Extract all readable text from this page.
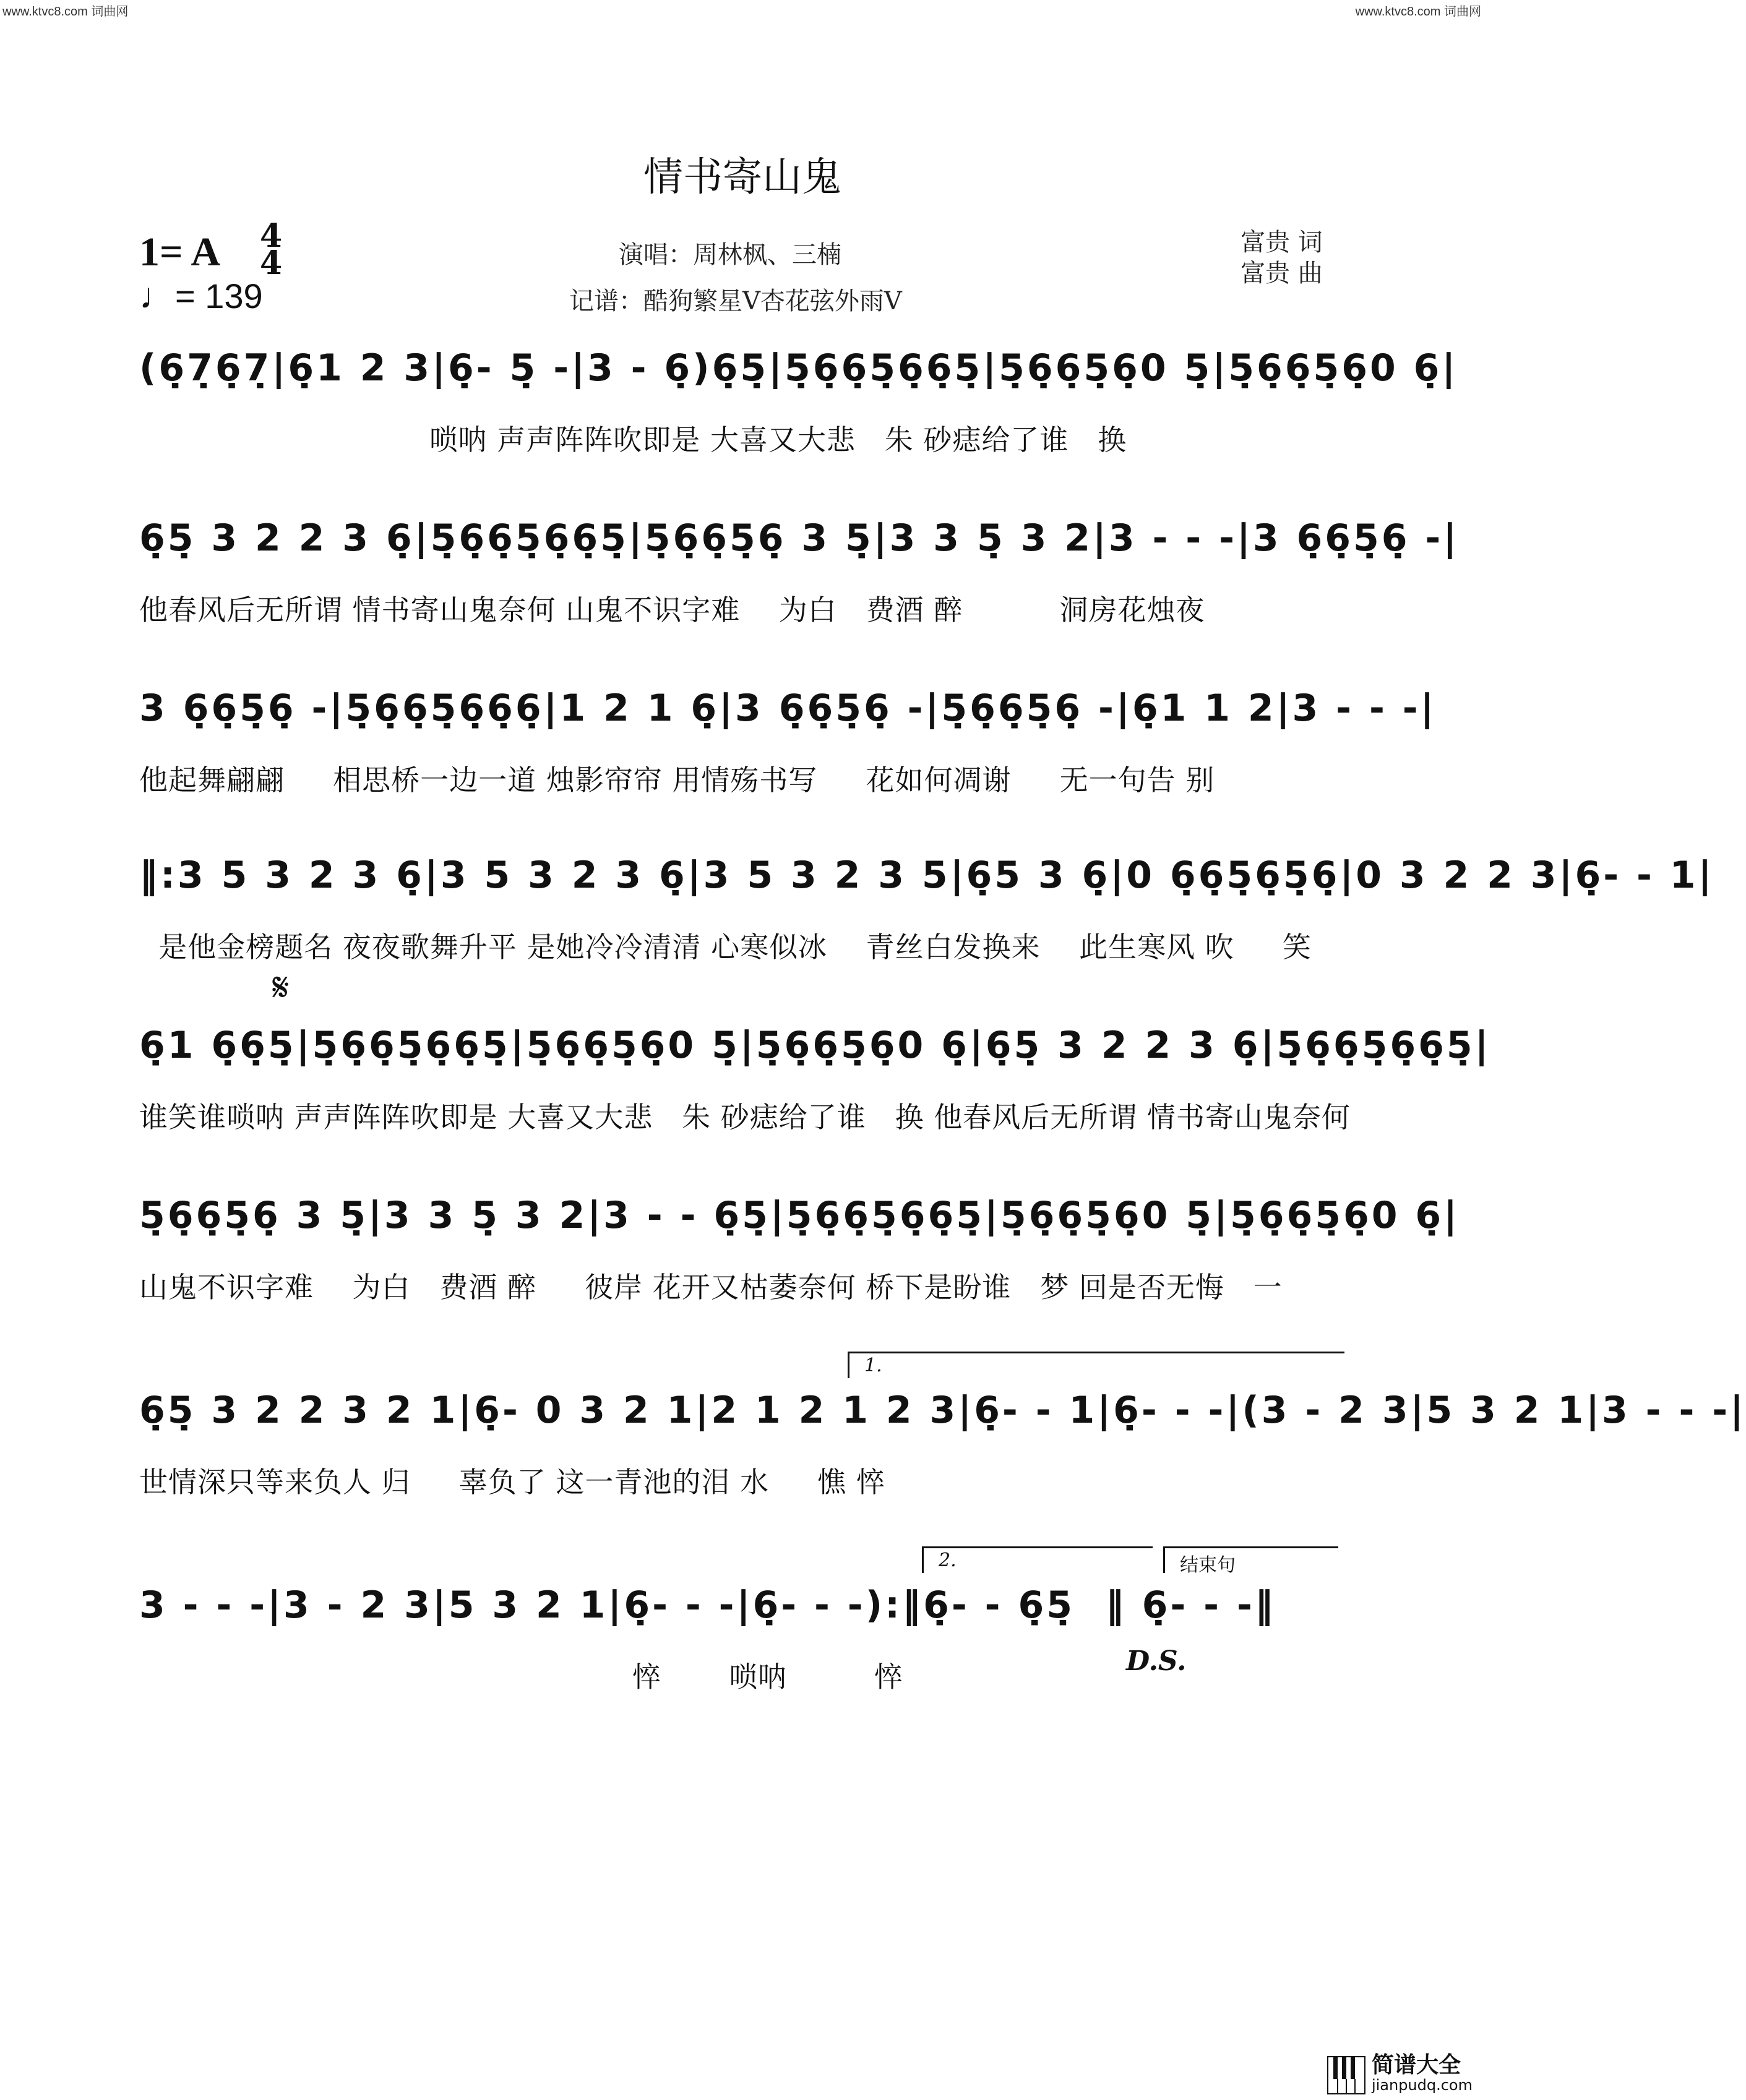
www.ktvc8.com 词曲网	www.ktvc8.com 词曲网
情书寄山鬼
1= A 4
4
♩= 139
演唱：周林枫、三楠
记谱：酷狗繁星V杏花弦外雨V
富贵 词
富贵 曲
(6̣7̣6̣7̣|6̣1 2 3|6̣- 5̣ -|3 - 6̣)6̣5̣|5̣6̣6̣5̣6̣6̣5̣|5̣6̣6̣5̣6̣0 5̣|5̣6̣6̣5̣6̣0 6̣|
唢呐 声声阵阵吹即是 大喜又大悲   朱 砂痣给了谁   换
6̣5̣ 3 2 2 3 6̣|5̣6̣6̣5̣6̣6̣5̣|5̣6̣6̣5̣6̣ 3 5̣|3 3 5̣ 3 2|3 - - -|3 6̣6̣5̣6̣ -|
他春风后无所谓 情书寄山鬼奈何 山鬼不识字难    为白   费酒 醉          洞房花烛夜
3 6̣6̣5̣6̣ -|5̣6̣6̣5̣6̣6̣6̣|1 2 1 6̣|3 6̣6̣5̣6̣ -|5̣6̣6̣5̣6̣ -|6̣1 1 2|3 - - -|
他起舞翩翩     相思桥一边一道 烛影帘帘 用情殇书写     花如何凋谢     无一句告 别
‖:3 5 3 2 3 6̣|3 5 3 2 3 6̣|3 5 3 2 3 5|6̣5 3 6̣|0 6̣6̣5̣6̣5̣6̣|0 3 2 2 3|6̣- - 1|
是他金榜题名 夜夜歌舞升平 是她冷冷清清 心寒似冰    青丝白发换来    此生寒风 吹     笑
𝄋
6̣1 6̣6̣5̣|5̣6̣6̣5̣6̣6̣5̣|5̣6̣6̣5̣6̣0 5̣|5̣6̣6̣5̣6̣0 6̣|6̣5̣ 3 2 2 3 6̣|5̣6̣6̣5̣6̣6̣5̣|
谁笑谁唢呐 声声阵阵吹即是 大喜又大悲   朱 砂痣给了谁   换 他春风后无所谓 情书寄山鬼奈何
5̣6̣6̣5̣6̣ 3 5̣|3 3 5̣ 3 2|3 - - 6̣5̣|5̣6̣6̣5̣6̣6̣5̣|5̣6̣6̣5̣6̣0 5̣|5̣6̣6̣5̣6̣0 6̣|
山鬼不识字难    为白   费酒 醉     彼岸 花开又枯萎奈何 桥下是盼谁   梦 回是否无悔   一
1.
6̣5̣ 3 2 2 3 2 1|6̣- 0 3 2 1|2 1 2 1 2 3|6̣- - 1|6̣- - -|(3 - 2 3|5 3 2 1|3 - - -|
世情深只等来负人 归     辜负了 这一青池的泪 水     憔 悴
2.	结束句
3 - - -|3 - 2 3|5 3 2 1|6̣- - -|6̣- - -):‖6̣- - 6̣5̣  ‖ 6̣- - -‖
悴       唢呐         悴	D.S.
简谱大全
jianpudq.com
